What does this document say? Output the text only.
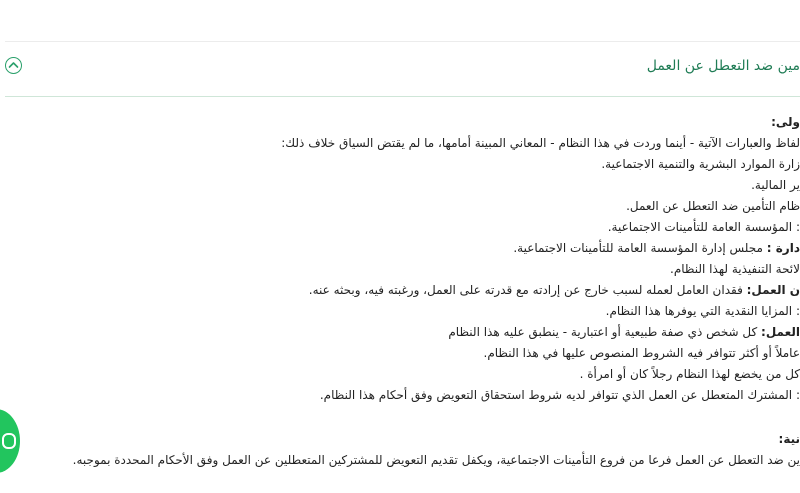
مين ضد التعطل عن العمل
ولى:
لفاظ والعبارات الآتية - أينما وردت في هذا النظام - المعاني المبينة أمامها، ما لم يقتض السياق خلاف ذلك:
زارة الموارد البشرية والتنمية الاجتماعية.
ير المالية.
ظام التأمين ضد التعطل عن العمل.
: المؤسسة العامة للتأمينات الاجتماعية.
دارة : مجلس إدارة المؤسسة العامة للتأمينات الاجتماعية.
لائحة التنفيذية لهذا النظام.
ن العمل: فقدان العامل لعمله لسبب خارج عن إرادته مع قدرته على العمل، ورغبته فيه، وبحثه عنه.
: المزايا النقدية التي يوفرها هذا النظام.
العمل: كل شخص ذي صفة طبيعية أو اعتبارية - ينطبق عليه هذا النظام
عاملاً أو أكثر تتوافر فيه الشروط المنصوص عليها في هذا النظام.
كل من يخضع لهذا النظام رجلاً كان أو امرأة .
: المشترك المتعطل عن العمل الذي تتوافر لديه شروط استحقاق التعويض وفق أحكام هذا النظام.
نية:
ين ضد التعطل عن العمل فرعا من فروع التأمينات الاجتماعية، ويكفل تقديم التعويض للمشتركين المتعطلين عن العمل وفق الأحكام المحددة بموجبه.
